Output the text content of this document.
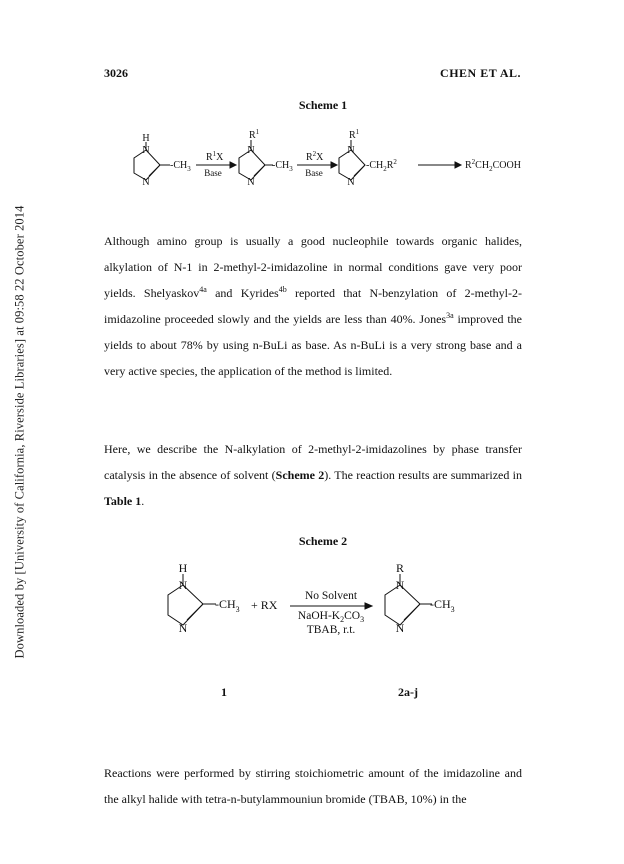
Downloaded by [University of California, Riverside Libraries] at 09:58 22 October 2014
3026	CHEN ET AL.
Scheme 1
H
N
N
$-CH_3$
$R^1X$
Base
$R^1$
N
N
$-CH_3$
$R^2X$
Base
$R^1$
N
N
$-CH_2R^2$	$R^2CH_2COOH$
Although amino group is usually a good nucleophile towards organic halides, alkylation of N-1 in 2-methyl-2-imidazoline in normal conditions gave very poor yields. Shelyaskov$^{4a}$ and Kyrides$^{4b}$ reported that N-benzylation of 2-methyl-2-imidazoline proceeded slowly and the yields are less than 40%. Jones$^{3a}$ improved the yields to about 78% by using n-BuLi as base. As n-BuLi is a very strong base and a very active species, the application of the method is limited.
Here, we describe the N-alkylation of 2-methyl-2-imidazolines by phase transfer catalysis in the absence of solvent (Scheme 2). The reaction results are summarized in Table 1.
Scheme 2
H
N
N
$-CH_3$ + RX
No Solvent
NaOH-$K_2CO_3$
TBAB, r.t.
R
N
N
$-CH_3$
1	2a-j
Reactions were performed by stirring stoichiometric amount of the imidazoline and the alkyl halide with tetra-n-butylammouniun bromide (TBAB, 10%) in the
